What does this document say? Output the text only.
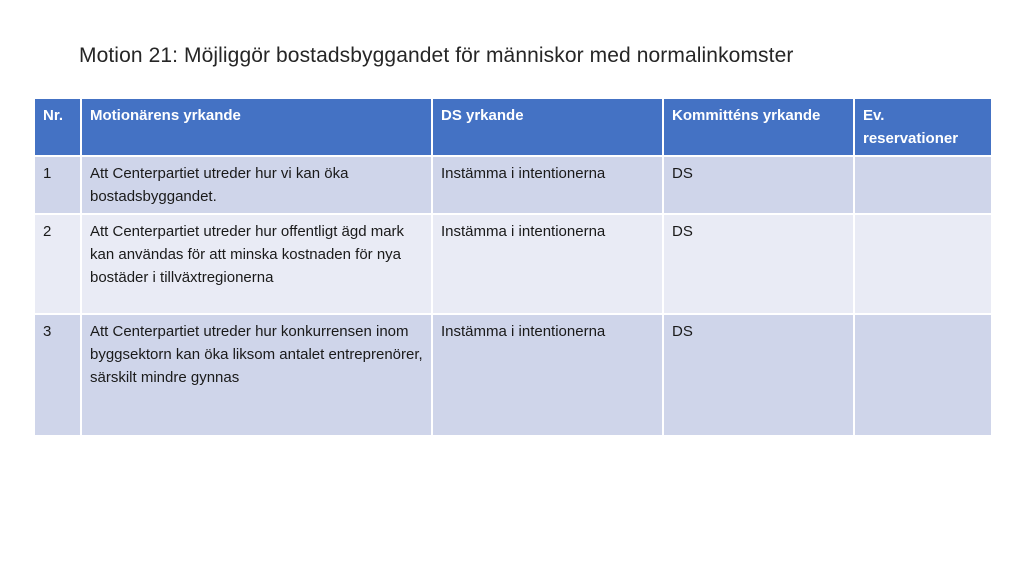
Motion 21: Möjliggör bostadsbyggandet för människor med normalinkomster
Nr.	Motionärens yrkande	DS yrkande	Kommitténs yrkande	Ev. reservationer
1	Att Centerpartiet utreder hur vi kan öka bostadsbyggandet.	Instämma i intentionerna	DS	
2	Att Centerpartiet utreder hur offentligt ägd mark kan användas för att minska kostnaden för nya bostäder i tillväxtregionerna	Instämma i intentionerna	DS	
3	Att Centerpartiet utreder hur konkurrensen inom byggsektorn kan öka liksom antalet entreprenörer, särskilt mindre gynnas	Instämma i intentionerna	DS	
